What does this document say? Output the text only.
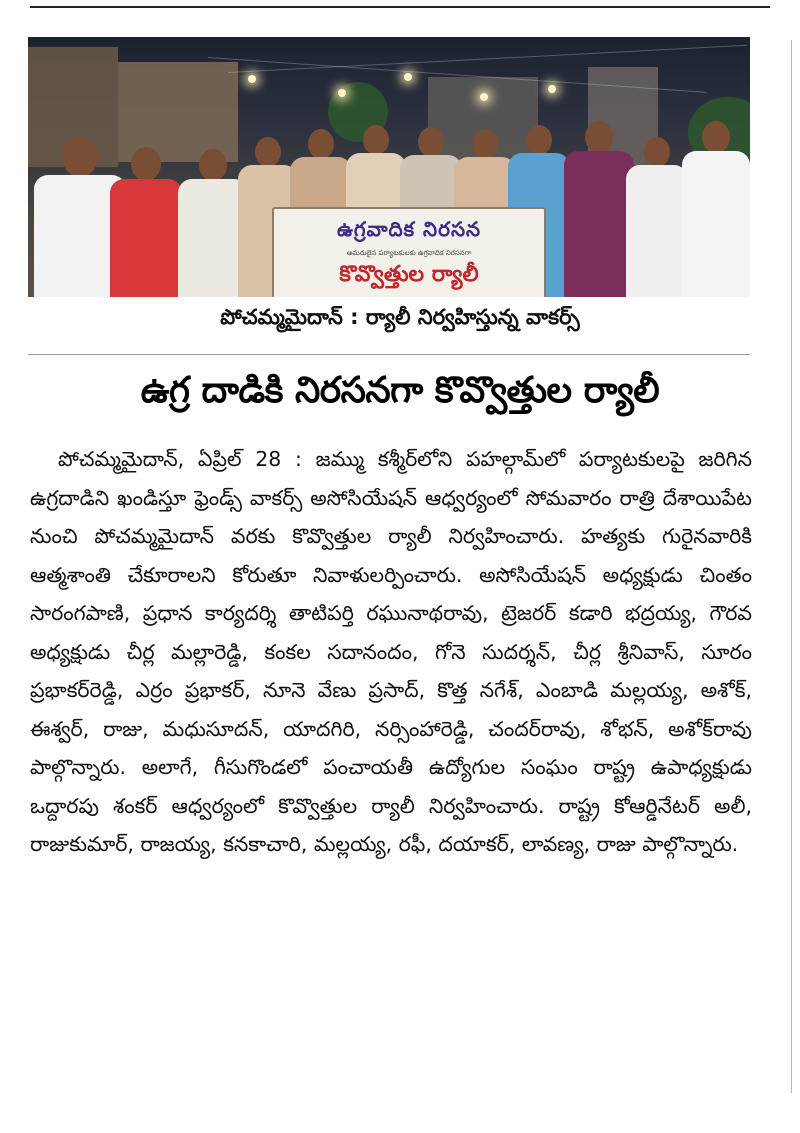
ఉగ్రవాదిక నిరసన
అమరులైన పర్యాటకులకు ఉగ్రవాదిక నిరసనగా
కొవ్వొత్తుల ర్యాలీ
పోచమ్మమైదాన్ : ర్యాలీ నిర్వహిస్తున్న వాకర్స్
ఉగ్ర దాడికి నిరసనగా కొవ్వొత్తుల ర్యాలీ
పోచమ్మమైదాన్, ఏప్రిల్ 28 : జమ్ము కశ్మీర్‌లోని పహల్గామ్‌లో పర్యాటకులపై జరిగిన ఉగ్రదాడిని ఖండిస్తూ ఫ్రెండ్స్ వాకర్స్ అసోసియేషన్ ఆధ్వర్యంలో సోమవారం రాత్రి దేశాయిపేట నుంచి పోచమ్మమైదాన్ వరకు కొవ్వొత్తుల ర్యాలీ నిర్వహించారు. హత్యకు గురైనవారికి ఆత్మశాంతి చేకూరాలని కోరుతూ నివాళులర్పించారు. అసోసియేషన్ అధ్యక్షుడు చింతం సారంగపాణి, ప్రధాన కార్యదర్శి తాటిపర్తి రఘునాథరావు, ట్రెజరర్ కడారి భద్రయ్య, గౌరవ అధ్యక్షుడు చీర్ల మల్లారెడ్డి, కంకల సదానందం, గోనె సుదర్శన్, చీర్ల శ్రీనివాస్, సూరం ప్రభాకర్‌రెడ్డి, ఎర్రం ప్రభాకర్, నూనె వేణు ప్రసాద్, కొత్త నగేశ్, ఎంబాడి మల్లయ్య, అశోక్, ఈశ్వర్, రాజు, మధుసూదన్, యాదగిరి, నర్సింహారెడ్డి, చందర్‌రావు, శోభన్, అశోక్‌రావు పాల్గొన్నారు. అలాగే, గీసుగొండలో పంచాయతీ ఉద్యోగుల సంఘం రాష్ట్ర ఉపాధ్యక్షుడు ఒద్దారపు శంకర్ ఆధ్వర్యంలో కొవ్వొత్తుల ర్యాలీ నిర్వహించారు. రాష్ట్ర కోఆర్డినేటర్ అలీ, రాజుకుమార్, రాజయ్య, కనకాచారి, మల్లయ్య, రఫీ, దయాకర్, లావణ్య, రాజు పాల్గొన్నారు.
